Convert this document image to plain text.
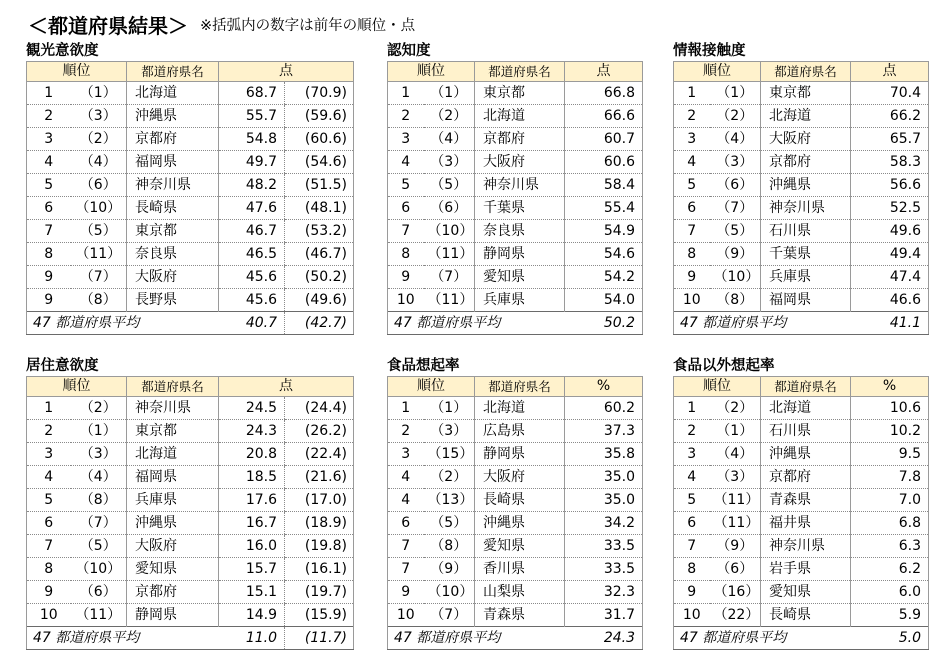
＜都道府県結果＞ ※括弧内の数字は前年の順位・点
観光意欲度
順位		都道府県名	点	
1	（1）	北海道	68.7	(70.9)
2	（3）	沖縄県	55.7	(59.6)
3	（2）	京都府	54.8	(60.6)
4	（4）	福岡県	49.7	(54.6)
5	（6）	神奈川県	48.2	(51.5)
6	（10）	長崎県	47.6	(48.1)
7	（5）	東京都	46.7	(53.2)
8	（11）	奈良県	46.5	(46.7)
9	（7）	大阪府	45.6	(50.2)
9	（8）	長野県	45.6	(49.6)
47 都道府県平均			40.7	(42.7)
認知度
順位		都道府県名	点
1	（1）	東京都	66.8
2	（2）	北海道	66.6
3	（4）	京都府	60.7
4	（3）	大阪府	60.6
5	（5）	神奈川県	58.4
6	（6）	千葉県	55.4
7	（10）	奈良県	54.9
8	（11）	静岡県	54.6
9	（7）	愛知県	54.2
10	（11）	兵庫県	54.0
47 都道府県平均			50.2
情報接触度
順位		都道府県名	点
1	（1）	東京都	70.4
2	（2）	北海道	66.2
3	（4）	大阪府	65.7
4	（3）	京都府	58.3
5	（6）	沖縄県	56.6
6	（7）	神奈川県	52.5
7	（5）	石川県	49.6
8	（9）	千葉県	49.4
9	（10）	兵庫県	47.4
10	（8）	福岡県	46.6
47 都道府県平均			41.1
居住意欲度
順位		都道府県名	点	
1	（2）	神奈川県	24.5	(24.4)
2	（1）	東京都	24.3	(26.2)
3	（3）	北海道	20.8	(22.4)
4	（4）	福岡県	18.5	(21.6)
5	（8）	兵庫県	17.6	(17.0)
6	（7）	沖縄県	16.7	(18.9)
7	（5）	大阪府	16.0	(19.8)
8	（10）	愛知県	15.7	(16.1)
9	（6）	京都府	15.1	(19.7)
10	（11）	静岡県	14.9	(15.9)
47 都道府県平均			11.0	(11.7)
食品想起率
順位		都道府県名	%
1	（1）	北海道	60.2
2	（3）	広島県	37.3
3	（15）	静岡県	35.8
4	（2）	大阪府	35.0
4	（13）	長崎県	35.0
6	（5）	沖縄県	34.2
7	（8）	愛知県	33.5
7	（9）	香川県	33.5
9	（10）	山梨県	32.3
10	（7）	青森県	31.7
47 都道府県平均			24.3
食品以外想起率
順位		都道府県名	%
1	（2）	北海道	10.6
2	（1）	石川県	10.2
3	（4）	沖縄県	9.5
4	（3）	京都府	7.8
5	（11）	青森県	7.0
6	（11）	福井県	6.8
7	（9）	神奈川県	6.3
8	（6）	岩手県	6.2
9	（16）	愛知県	6.0
10	（22）	長崎県	5.9
47 都道府県平均			5.0
